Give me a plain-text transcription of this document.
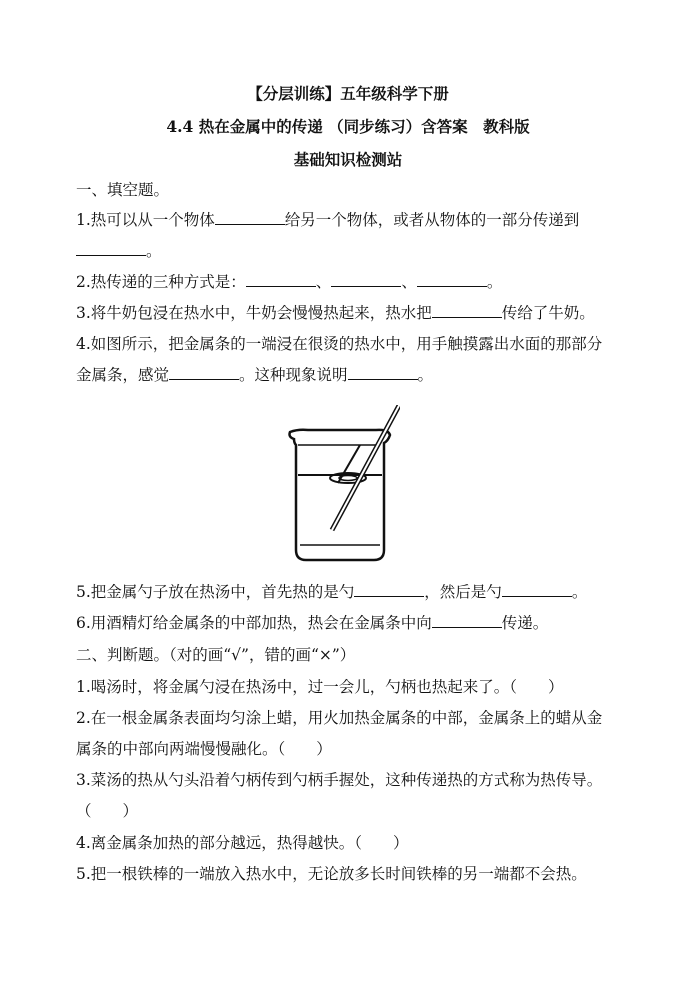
【分层训练】五年级科学下册
4.4 热在金属中的传递 （同步练习）含答案　教科版
基础知识检测站
一、填空题。
1.热可以从一个物体	给另一个物体，或者从物体的一部分传递到
。
2.热传递的三种方式是：	、	、	。
3.将牛奶包浸在热水中，牛奶会慢慢热起来，热水把	传给了牛奶。
4.如图所示，把金属条的一端浸在很烫的热水中，用手触摸露出水面的那部分
金属条，感觉	。这种现象说明	。
5.把金属勺子放在热汤中，首先热的是勺	，然后是勺	。
6.用酒精灯给金属条的中部加热，热会在金属条中向	传递。
二、判断题。（对的画“√”，错的画“×”）
1.喝汤时，将金属勺浸在热汤中，过一会儿，勺柄也热起来了。（　　）
2.在一根金属条表面均匀涂上蜡，用火加热金属条的中部，金属条上的蜡从金
属条的中部向两端慢慢融化。（　　）
3.菜汤的热从勺头沿着勺柄传到勺柄手握处，这种传递热的方式称为热传导。
（　　）
4.离金属条加热的部分越远，热得越快。（　　）
5.把一根铁棒的一端放入热水中，无论放多长时间铁棒的另一端都不会热。
